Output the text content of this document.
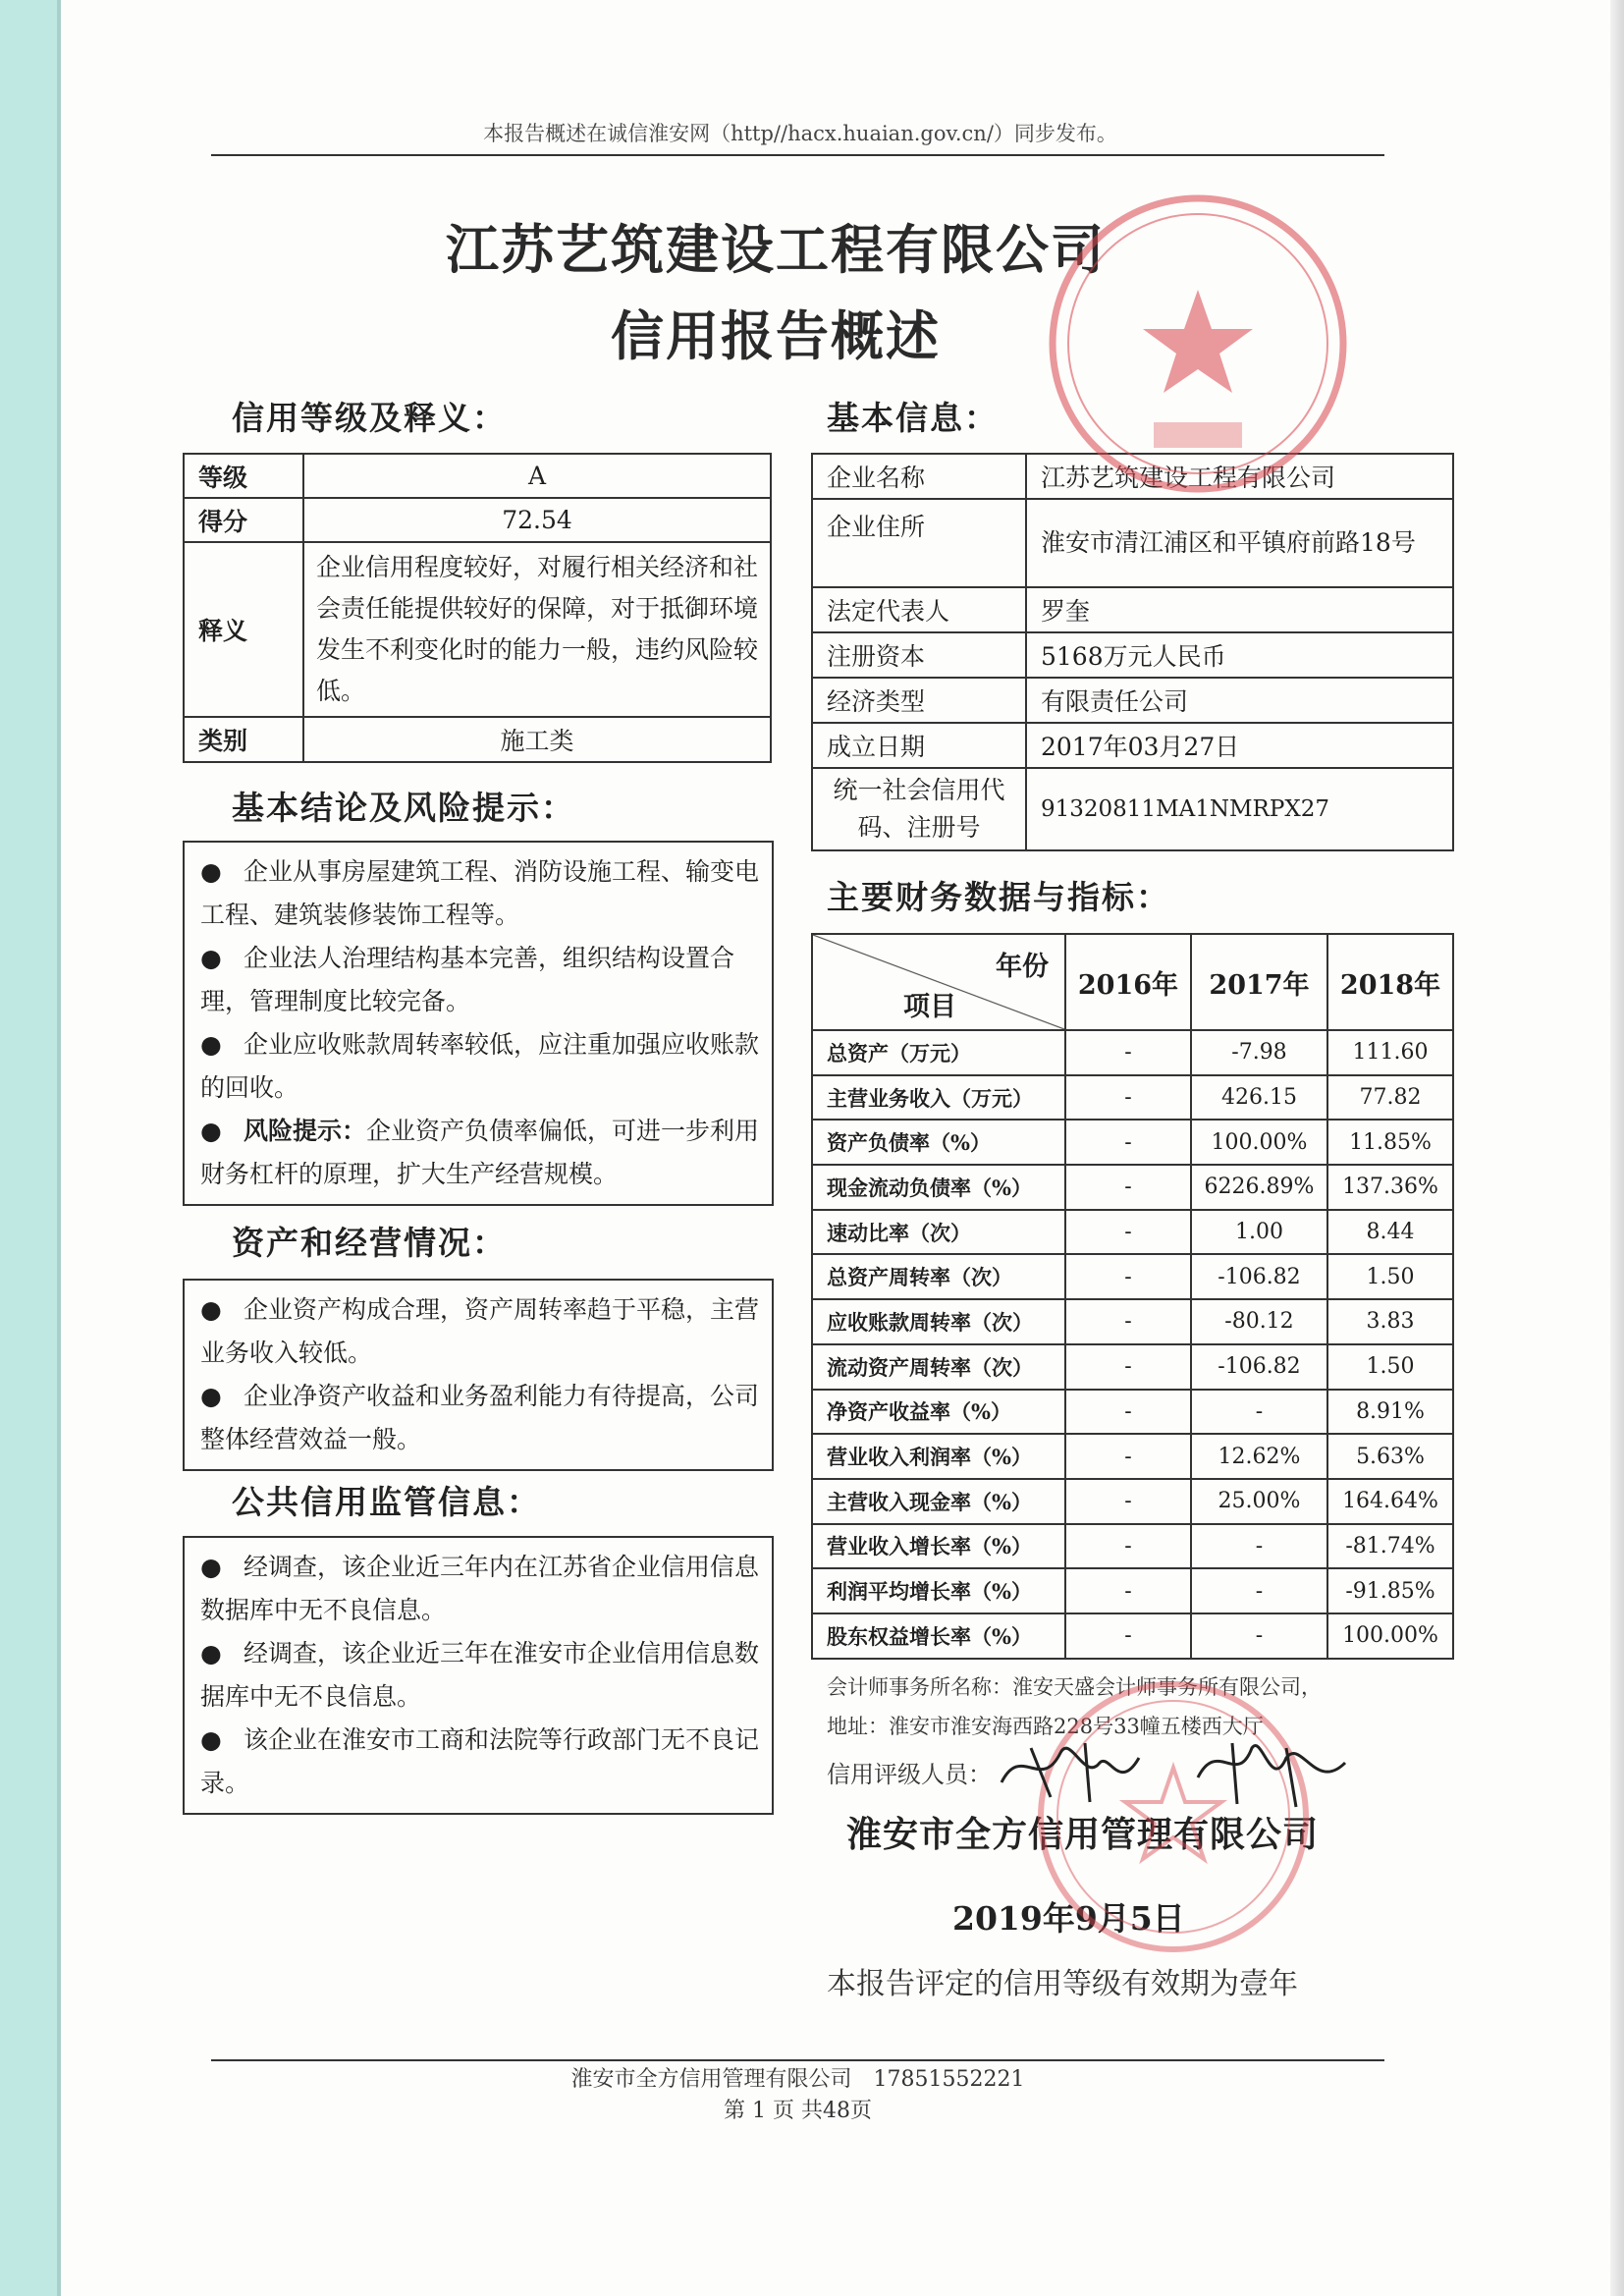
本报告概述在诚信淮安网（http//hacx.huaian.gov.cn/）同步发布。
江苏艺筑建设工程有限公司
信用报告概述
信用等级及释义：
等级	A
得分	72.54
释义	企业信用程度较好，对履行相关经济和社会责任能提供较好的保障，对于抵御环境发生不利变化时的能力一般，违约风险较低。
类别	施工类
基本结论及风险提示：

● 企业从事房屋建筑工程、消防设施工程、输变电工程、建筑装修装饰工程等。

● 企业法人治理结构基本完善，组织结构设置合理，管理制度比较完备。

● 企业应收账款周转率较低，应注重加强应收账款的回收。

● 风险提示：企业资产负债率偏低，可进一步利用财务杠杆的原理，扩大生产经营规模。

资产和经营情况：

● 企业资产构成合理，资产周转率趋于平稳，主营业务收入较低。

● 企业净资产收益和业务盈利能力有待提高，公司整体经营效益一般。

公共信用监管信息：

● 经调查，该企业近三年内在江苏省企业信用信息数据库中无不良信息。

● 经调查，该企业近三年在淮安市企业信用信息数据库中无不良信息。

● 该企业在淮安市工商和法院等行政部门无不良记录。

基本信息：
企业名称	江苏艺筑建设工程有限公司
企业住所	淮安市清江浦区和平镇府前路18号
法定代表人	罗奎
注册资本	5168万元人民币
经济类型	有限责任公司
成立日期	2017年03月27日
统一社会信用代码、注册号	91320811MA1NMRPX27
主要财务数据与指标：
年份
项目	2016年	2017年	2018年
总资产（万元）	-	-7.98	111.60
主营业务收入（万元）	-	426.15	77.82
资产负债率（%）	-	100.00%	11.85%
现金流动负债率（%）	-	6226.89%	137.36%
速动比率（次）	-	1.00	8.44
总资产周转率（次）	-	-106.82	1.50
应收账款周转率（次）	-	-80.12	3.83
流动资产周转率（次）	-	-106.82	1.50
净资产收益率（%）	-	-	8.91%
营业收入利润率（%）	-	12.62%	5.63%
主营收入现金率（%）	-	25.00%	164.64%
营业收入增长率（%）	-	-	-81.74%
利润平均增长率（%）	-	-	-91.85%
股东权益增长率（%）	-	-	100.00%
会计师事务所名称：淮安天盛会计师事务所有限公司，
地址：淮安市淮安海西路228号33幢五楼西大厅
信用评级人员：
淮安市全方信用管理有限公司
2019年9月5日
本报告评定的信用等级有效期为壹年
淮安市全方信用管理有限公司　17851552221
第 1 页 共48页
